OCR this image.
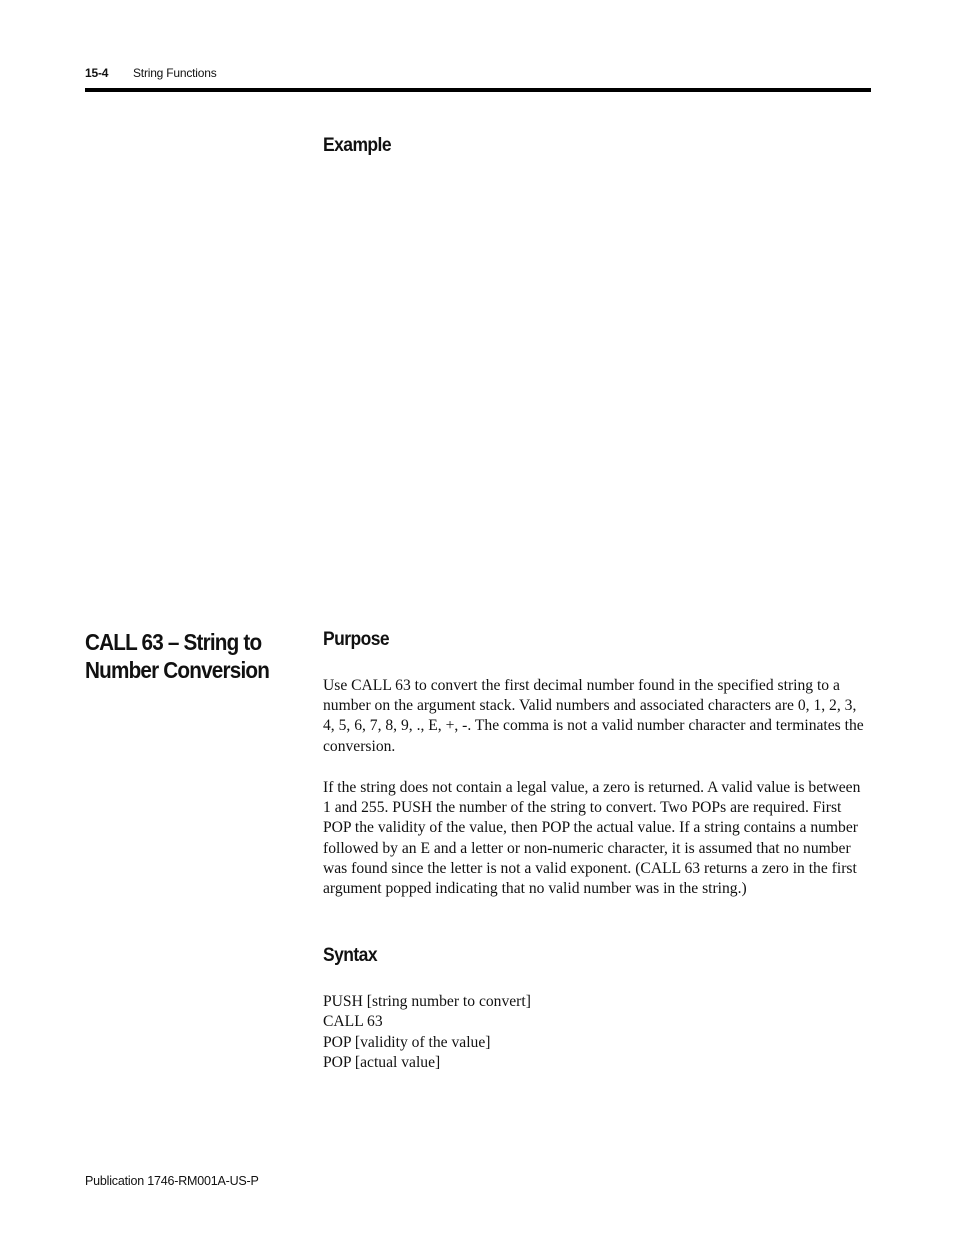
15-4 String Functions
Example
CALL 63 – String to
Number Conversion
Purpose

Use CALL 63 to convert the first decimal number found in the specified string to a number on the argument stack. Valid numbers and associated characters are 0, 1, 2, 3, 4, 5, 6, 7, 8, 9, ., E, +, -. The comma is not a valid number character and terminates the conversion.

If the string does not contain a legal value, a zero is returned. A valid value is between 1 and 255. PUSH the number of the string to convert. Two POPs are required. First POP the validity of the value, then POP the actual value. If a string contains a number followed by an E and a letter or non-numeric character, it is assumed that no number was found since the letter is not a valid exponent. (CALL 63 returns a zero in the first argument popped indicating that no valid number was in the string.)

Syntax
PUSH [string number to convert]
CALL 63
POP [validity of the value]
POP [actual value]
Publication 1746-RM001A-US-P
